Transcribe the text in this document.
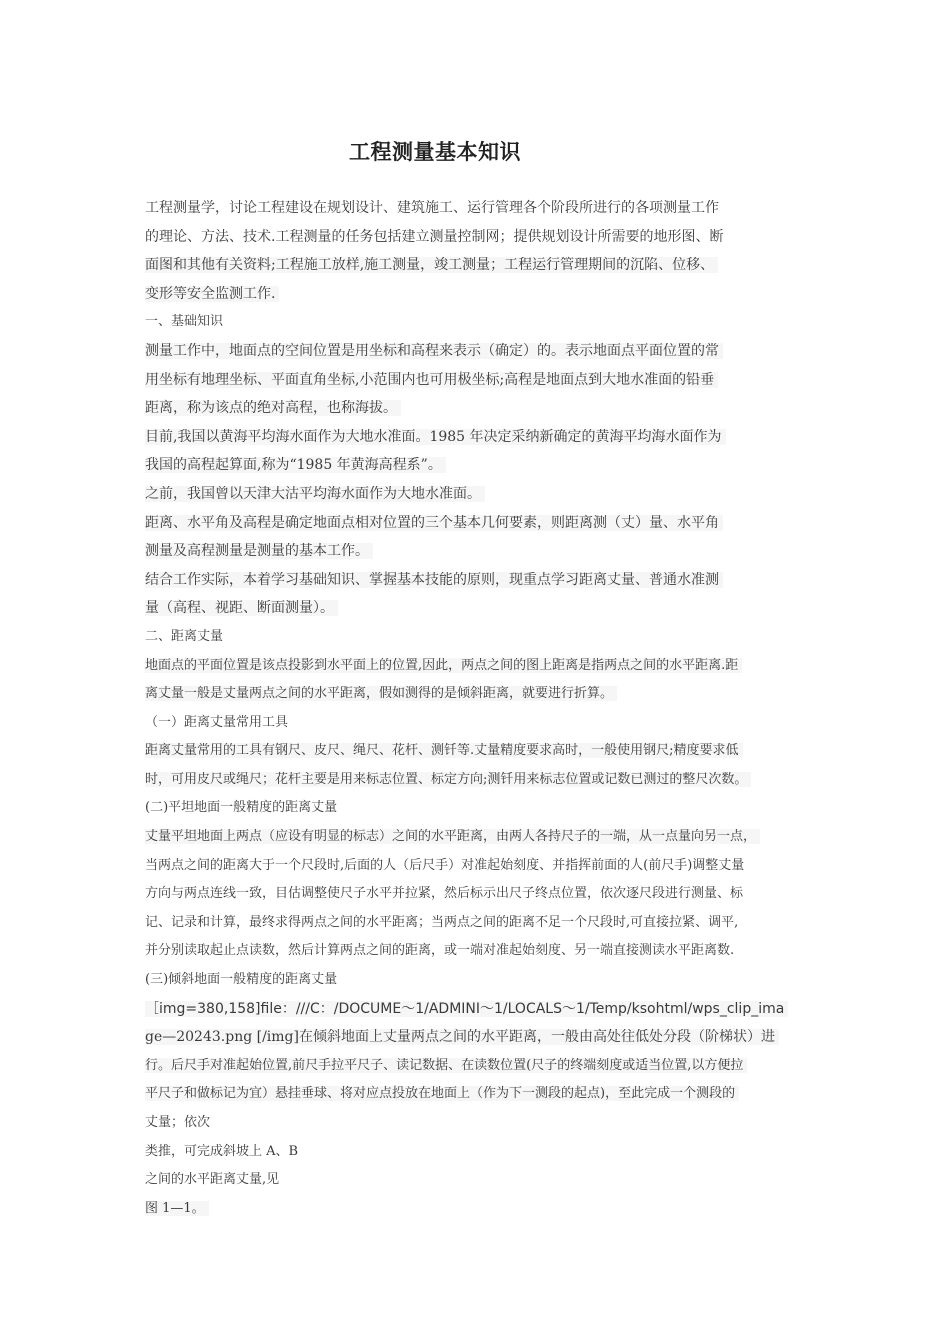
工程测量基本知识
工程测量学，讨论工程建设在规划设计、建筑施工、运行管理各个阶段所进行的各项测量工作
的理论、方法、技术.工程测量的任务包括建立测量控制网；提供规划设计所需要的地形图、断
面图和其他有关资料;工程施工放样,施工测量，竣工测量；工程运行管理期间的沉陷、位移、
变形等安全监测工作.
一、基础知识
测量工作中，地面点的空间位置是用坐标和高程来表示（确定）的。表示地面点平面位置的常
用坐标有地理坐标、平面直角坐标,小范围内也可用极坐标;高程是地面点到大地水准面的铅垂
距离，称为该点的绝对高程，也称海拔。
目前,我国以黄海平均海水面作为大地水准面。1985 年决定采纳新确定的黄海平均海水面作为
我国的高程起算面,称为“1985 年黄海高程系”。
之前，我国曾以天津大沽平均海水面作为大地水准面。
距离、水平角及高程是确定地面点相对位置的三个基本几何要素，则距离测（丈）量、水平角
测量及高程测量是测量的基本工作。
结合工作实际，本着学习基础知识、掌握基本技能的原则，现重点学习距离丈量、普通水准测
量（高程、视距、断面测量）。
二、距离丈量
地面点的平面位置是该点投影到水平面上的位置,因此，两点之间的图上距离是指两点之间的水平距离.距
离丈量一般是丈量两点之间的水平距离，假如测得的是倾斜距离，就要进行折算。
（一）距离丈量常用工具
距离丈量常用的工具有钢尺、皮尺、绳尺、花杆、测钎等.丈量精度要求高时，一般使用钢尺;精度要求低
时，可用皮尺或绳尺；花杆主要是用来标志位置、标定方向;测钎用来标志位置或记数已测过的整尺次数。
(二)平坦地面一般精度的距离丈量
丈量平坦地面上两点（应设有明显的标志）之间的水平距离，由两人各持尺子的一端，从一点量向另一点，
当两点之间的距离大于一个尺段时,后面的人（后尺手）对准起始刻度、并指挥前面的人(前尺手)调整丈量
方向与两点连线一致，目估调整使尺子水平并拉紧，然后标示出尺子终点位置，依次逐尺段进行测量、标
记、记录和计算，最终求得两点之间的水平距离；当两点之间的距离不足一个尺段时,可直接拉紧、调平,
并分别读取起止点读数，然后计算两点之间的距离，或一端对准起始刻度、另一端直接测读水平距离数.
(三)倾斜地面一般精度的距离丈量
［img=380,158]file：///C：/DOCUME～1/ADMINI～1/LOCALS～1/Temp/ksohtml/wps_clip_ima
ge—20243.png [/img]在倾斜地面上丈量两点之间的水平距离，一般由高处往低处分段（阶梯状）进
行。后尺手对准起始位置,前尺手拉平尺子、读记数据、在读数位置(尺子的终端刻度或适当位置,以方便拉
平尺子和做标记为宜）悬挂垂球、将对应点投放在地面上（作为下一测段的起点)，至此完成一个测段的
丈量；依次
类推，可完成斜坡上 A、B
之间的水平距离丈量,见
图 1—1。
